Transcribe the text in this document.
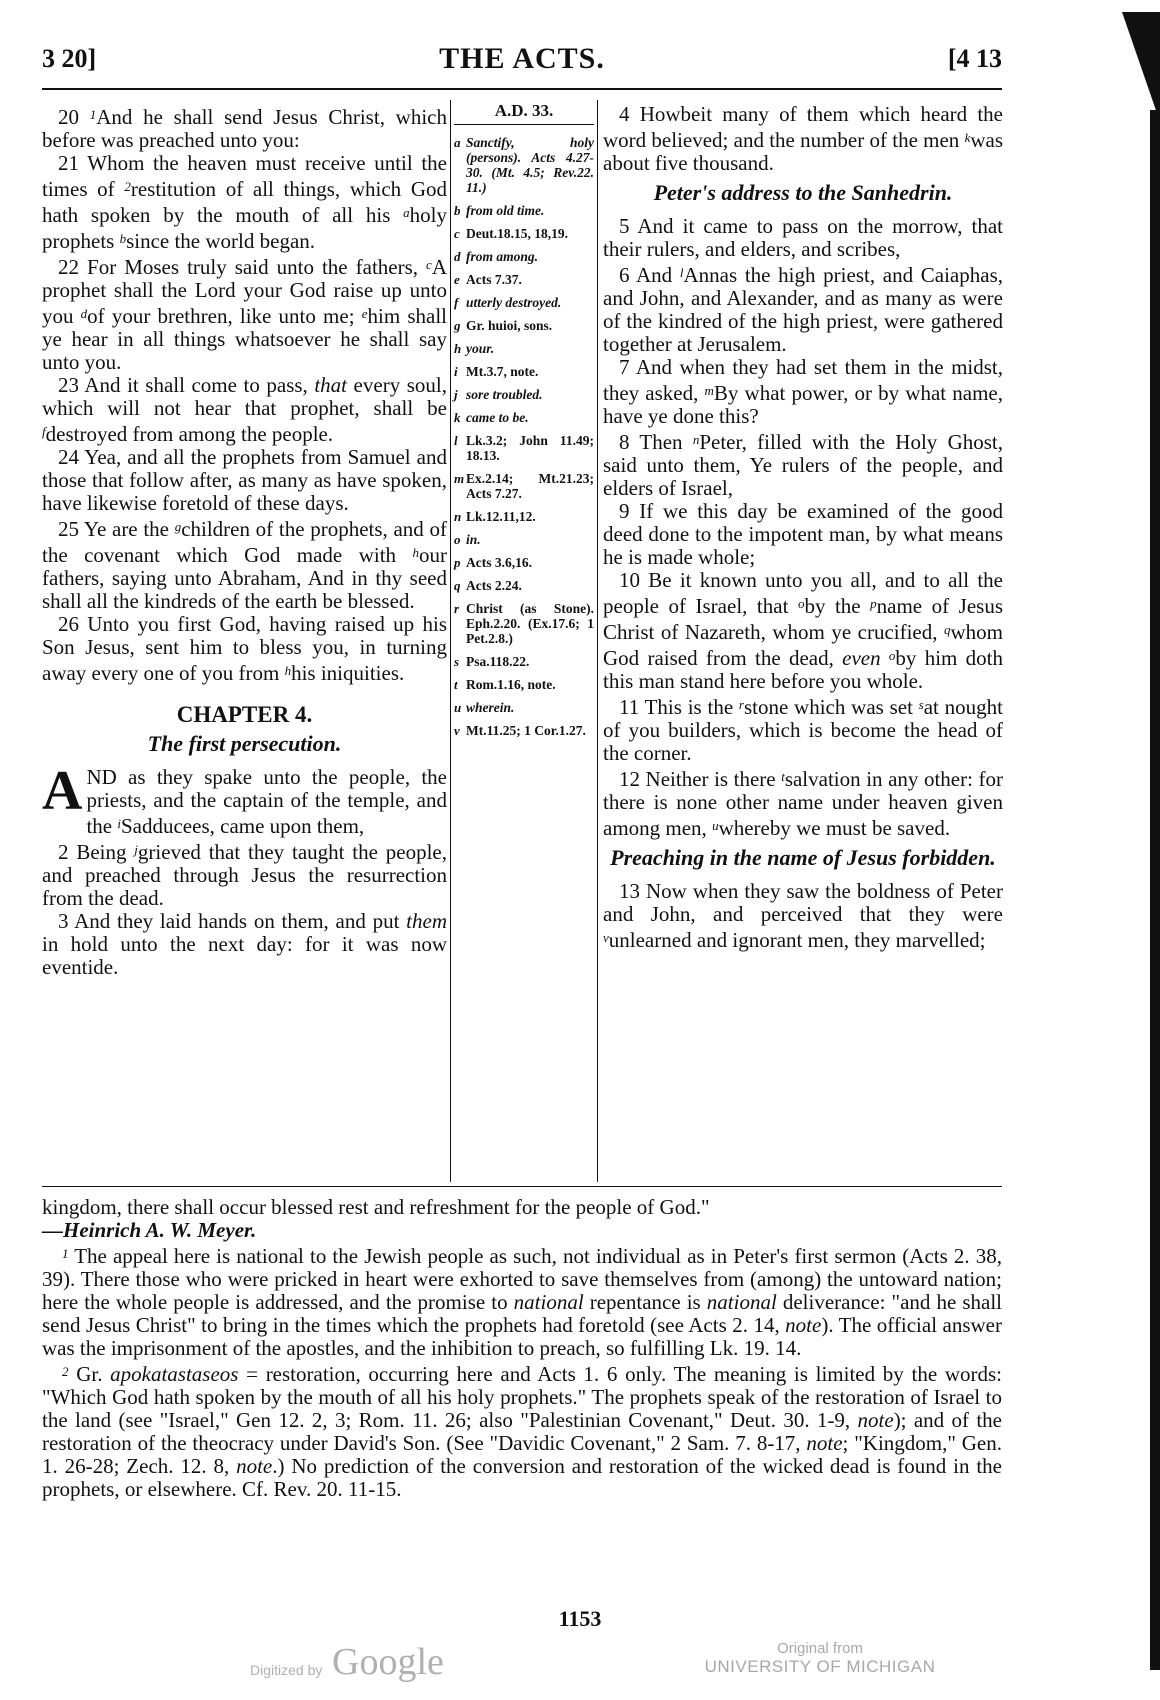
3 20]	THE ACTS.	[4 13

20 $^1$And he shall send Jesus Christ, which before was preached unto you:

21 Whom the heaven must receive until the times of $^2$restitution of all things, which God hath spoken by the mouth of all his $^a$holy prophets $^b$since the world began.

22 For Moses truly said unto the fathers, $^c$A prophet shall the Lord your God raise up unto you $^d$of your brethren, like unto me; $^e$him shall ye hear in all things whatsoever he shall say unto you.

23 And it shall come to pass, that every soul, which will not hear that prophet, shall be $^f$destroyed from among the people.

24 Yea, and all the prophets from Samuel and those that follow after, as many as have spoken, have likewise foretold of these days.

25 Ye are the $^g$children of the prophets, and of the covenant which God made with $^h$our fathers, saying unto Abraham, And in thy seed shall all the kindreds of the earth be blessed.

26 Unto you first God, having raised up his Son Jesus, sent him to bless you, in turning away every one of you from $^h$his iniquities.

CHAPTER 4.

The first persecution.

AND as they spake unto the people, the priests, and the captain of the temple, and the $^i$Sadducees, came upon them,

2 Being $^j$grieved that they taught the people, and preached through Jesus the resurrection from the dead.

3 And they laid hands on them, and put them in hold unto the next day: for it was now eventide.

A.D. 33.
a Sanctify, holy (persons). Acts 4.27-30. (Mt. 4.5; Rev.22. 11.)
b from old time.
c Deut.18.15, 18,19.
d from among.
e Acts 7.37.
f utterly destroyed.
g Gr. huioi, sons.
h your.
i Mt.3.7, note.
j sore troubled.
k came to be.
l Lk.3.2; John 11.49; 18.13.
m Ex.2.14; Mt.21.23; Acts 7.27.
n Lk.12.11,12.
o in.
p Acts 3.6,16.
q Acts 2.24.
r Christ (as Stone). Eph.2.20. (Ex.17.6; 1 Pet.2.8.)
s Psa.118.22.
t Rom.1.16, note.
u wherein.
v Mt.11.25; 1 Cor.1.27.

4 Howbeit many of them which heard the word believed; and the number of the men $^k$was about five thousand.

Peter's address to the Sanhedrin.

5 And it came to pass on the morrow, that their rulers, and elders, and scribes,

6 And $^l$Annas the high priest, and Caiaphas, and John, and Alexander, and as many as were of the kindred of the high priest, were gathered together at Jerusalem.

7 And when they had set them in the midst, they asked, $^m$By what power, or by what name, have ye done this?

8 Then $^n$Peter, filled with the Holy Ghost, said unto them, Ye rulers of the people, and elders of Israel,

9 If we this day be examined of the good deed done to the impotent man, by what means he is made whole;

10 Be it known unto you all, and to all the people of Israel, that $^o$by the $^p$name of Jesus Christ of Nazareth, whom ye crucified, $^q$whom God raised from the dead, even $^o$by him doth this man stand here before you whole.

11 This is the $^r$stone which was set $^s$at nought of you builders, which is become the head of the corner.

12 Neither is there $^t$salvation in any other: for there is none other name under heaven given among men, $^u$whereby we must be saved.

Preaching in the name of Jesus forbidden.

13 Now when they saw the boldness of Peter and John, and perceived that they were $^v$unlearned and ignorant men, they marvelled;

kingdom, there shall occur blessed rest and refreshment for the people of God."

—Heinrich A. W. Meyer.

$^1$ The appeal here is national to the Jewish people as such, not individual as in Peter's first sermon (Acts 2. 38, 39). There those who were pricked in heart were exhorted to save themselves from (among) the untoward nation; here the whole people is addressed, and the promise to national repentance is national deliverance: "and he shall send Jesus Christ" to bring in the times which the prophets had foretold (see Acts 2. 14, note). The official answer was the imprisonment of the apostles, and the inhibition to preach, so fulfilling Lk. 19. 14.

$^2$ Gr. apokatastaseos = restoration, occurring here and Acts 1. 6 only. The meaning is limited by the words: "Which God hath spoken by the mouth of all his holy prophets." The prophets speak of the restoration of Israel to the land (see "Israel," Gen 12. 2, 3; Rom. 11. 26; also "Palestinian Covenant," Deut. 30. 1-9, note); and of the restoration of the theocracy under David's Son. (See "Davidic Covenant," 2 Sam. 7. 8-17, note; "Kingdom," Gen. 1. 26-28; Zech. 12. 8, note.) No prediction of the conversion and restoration of the wicked dead is found in the prophets, or elsewhere. Cf. Rev. 20. 11-15.

1153
Digitized by Google	Original from
UNIVERSITY OF MICHIGAN
